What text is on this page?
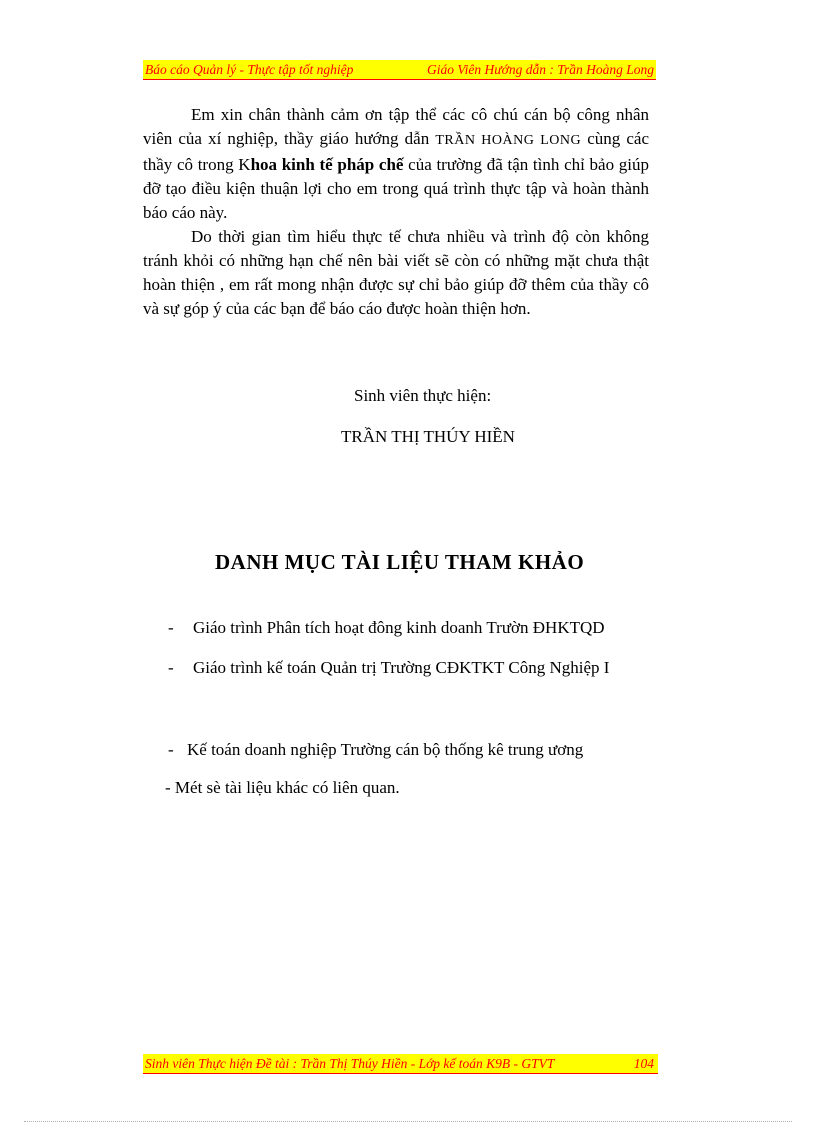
Báo cáo Quản lý - Thực tập tốt nghiệp	Giáo Viên Hướng dẫn : Trần Hoàng Long

Em xin chân thành cảm ơn tập thể các cô chú cán bộ công nhân viên của xí nghiệp, thầy giáo hướng dẫn TRẦN HOÀNG LONG cùng các thầy cô trong Khoa kinh tế pháp chế của trường đã tận tình chỉ bảo giúp đỡ tạo điều kiện thuận lợi cho em trong quá trình thực tập và hoàn thành báo cáo này.

Do thời gian tìm hiểu thực tế chưa nhiều và trình độ còn không tránh khỏi có những hạn chế nên bài viết sẽ còn có những mặt chưa thật hoàn thiện , em rất mong nhận được sự chỉ bảo giúp đỡ thêm của thầy cô và sự góp ý của các bạn để báo cáo được hoàn thiện hơn.

Sinh viên thực hiện:
TRẦN THỊ THÚY HIỀN
DANH MỤC TÀI LIỆU THAM KHẢO
- Giáo trình Phân tích hoạt đông kinh doanh Trườn ĐHKTQD
- Giáo trình kế toán Quản trị Trường CĐKTKT Công Nghiệp I
- Kế toán doanh nghiệp Trường cán bộ thống kê trung ương
- Mét sè tài liệu khác có liên quan.
Sinh viên Thực hiện Đề tài : Trần Thị Thúy Hiền - Lớp kế toán K9B - GTVT	104
